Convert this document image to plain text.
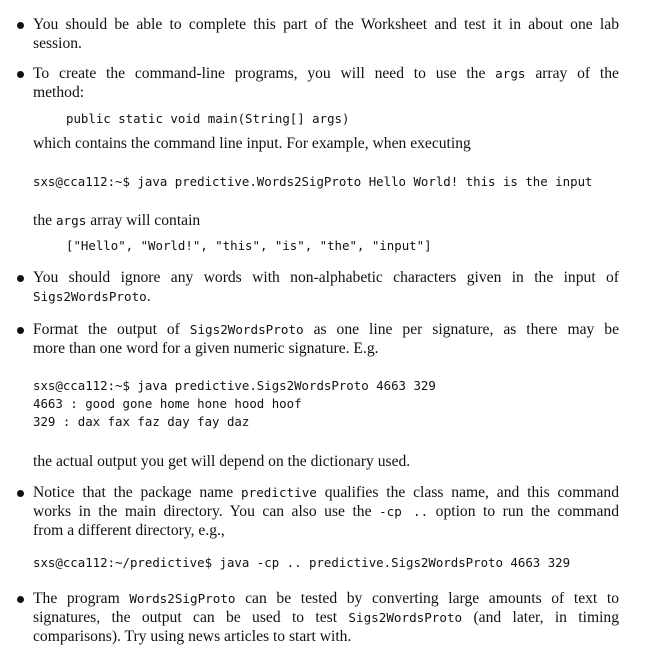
You should be able to complete this part of the Worksheet and test it in about one lab
session.
To create the command-line programs, you will need to use the args array of the
method:
public static void main(String[] args)
which contains the command line input. For example, when executing
sxs@cca112:~$ java predictive.Words2SigProto Hello World! this is the input
the args array will contain
["Hello", "World!", "this", "is", "the", "input"]
You should ignore any words with non-alphabetic characters given in the input of
Sigs2WordsProto.
Format the output of Sigs2WordsProto as one line per signature, as there may be
more than one word for a given numeric signature. E.g.
sxs@cca112:~$ java predictive.Sigs2WordsProto 4663 329
4663 : good gone home hone hood hoof
329 : dax fax faz day fay daz
the actual output you get will depend on the dictionary used.
Notice that the package name predictive qualifies the class name, and this command
works in the main directory. You can also use the -cp .. option to run the command
from a different directory, e.g.,
sxs@cca112:~/predictive$ java -cp .. predictive.Sigs2WordsProto 4663 329
The program Words2SigProto can be tested by converting large amounts of text to
signatures, the output can be used to test Sigs2WordsProto (and later, in timing
comparisons). Try using news articles to start with.
